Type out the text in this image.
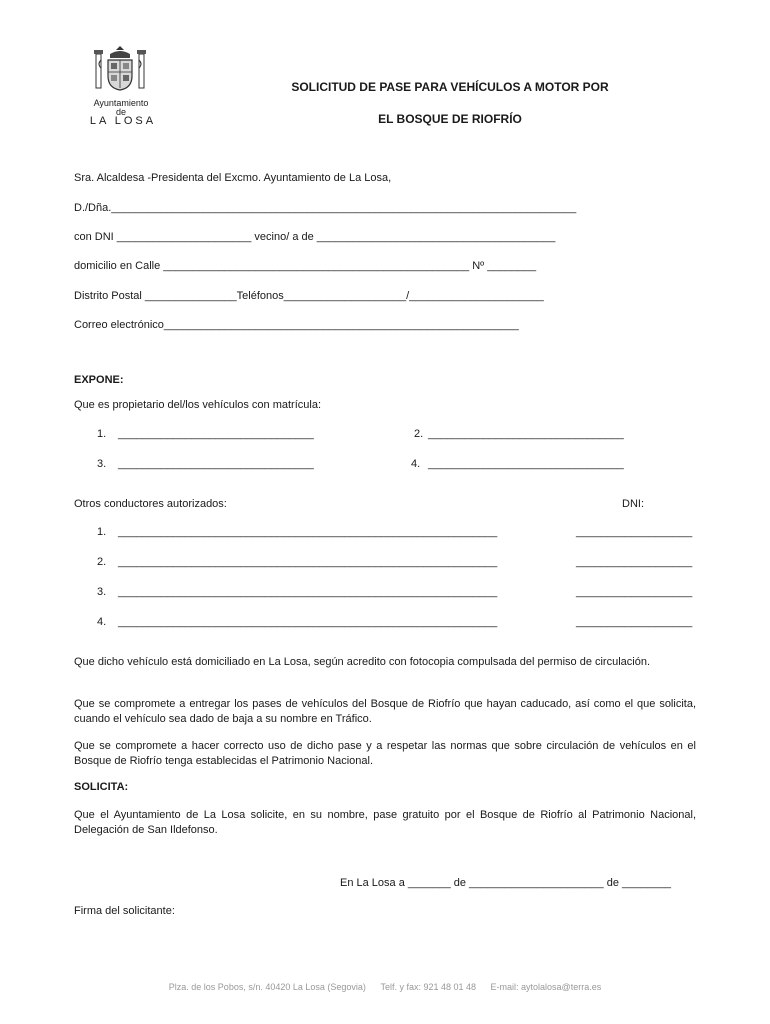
Ayuntamiento
de
LA LOSA
SOLICITUD DE PASE PARA VEHÍCULOS A MOTOR POR
EL BOSQUE DE RIOFRÍO
Sra. Alcaldesa -Presidenta del Excmo. Ayuntamiento de La Losa,
D./Dña.____________________________________________________________________________
con DNI ______________________ vecino/ a de _______________________________________
domicilio en Calle __________________________________________________ Nº ________
Distrito Postal _______________Teléfonos____________________/______________________
Correo electrónico__________________________________________________________
EXPONE:
Que es propietario del/los vehículos con matrícula:
1. ________________________________	2. ________________________________
3. ________________________________	4. ________________________________
Otros conductores autorizados:	DNI:
1. ______________________________________________________________	___________________
2. ______________________________________________________________	___________________
3. ______________________________________________________________	___________________
4. ______________________________________________________________	___________________
Que dicho vehículo está domiciliado en La Losa, según acredito con fotocopia compulsada del permiso de circulación.
Que se compromete a entregar los pases de vehículos del Bosque de Riofrío que hayan caducado, así como el que solicita, cuando el vehículo sea dado de baja a su nombre en Tráfico.
Que se compromete a hacer correcto uso de dicho pase y a respetar las normas que sobre circulación de vehículos en el Bosque de Riofrío tenga establecidas el Patrimonio Nacional.
SOLICITA:
Que el Ayuntamiento de La Losa solicite, en su nombre, pase gratuito por el Bosque de Riofrío al Patrimonio Nacional, Delegación de San Ildefonso.
En La Losa a _______ de ______________________ de ________
Firma del solicitante:
Plza. de los Pobos, s/n. 40420 La Losa (Segovia) Telf. y fax: 921 48 01 48 E-mail: aytolalosa@terra.es
